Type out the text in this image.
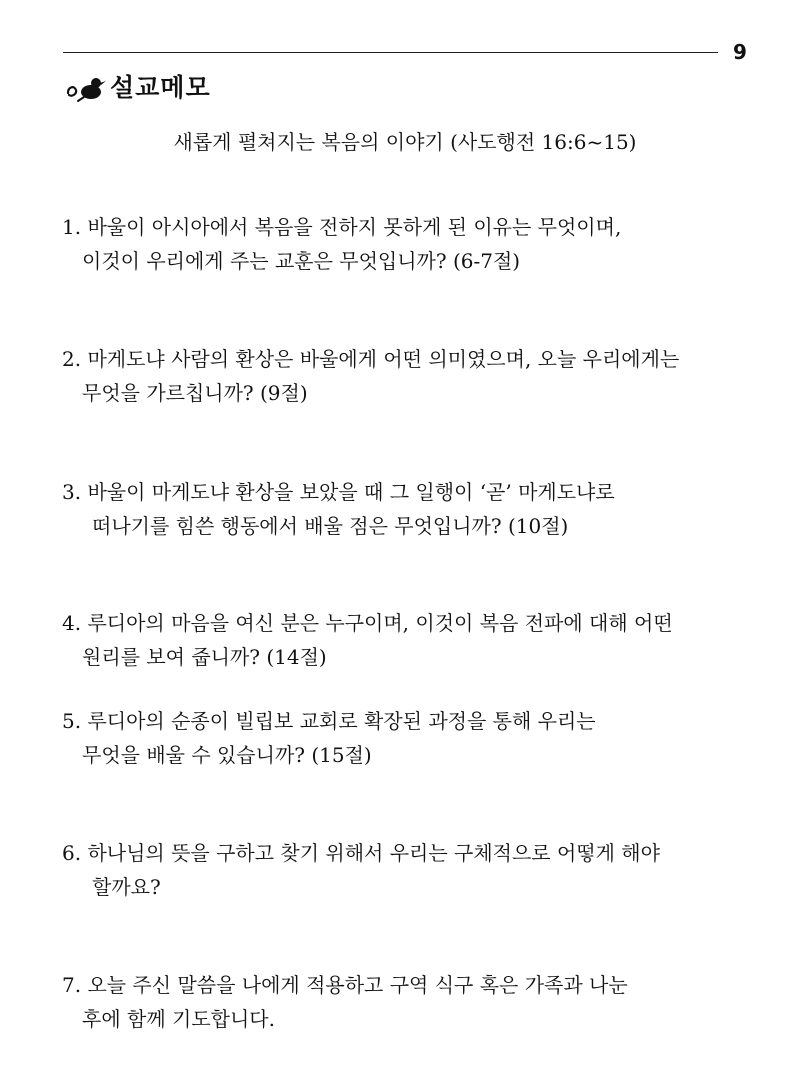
9
설교메모
새롭게 펼쳐지는 복음의 이야기 (사도행전 16:6~15)
1. 바울이 아시아에서 복음을 전하지 못하게 된 이유는 무엇이며,
이것이 우리에게 주는 교훈은 무엇입니까? (6-7절)
2. 마게도냐 사람의 환상은 바울에게 어떤 의미였으며, 오늘 우리에게는
무엇을 가르칩니까? (9절)
3. 바울이 마게도냐 환상을 보았을 때 그 일행이 ‘곧’ 마게도냐로
떠나기를 힘쓴 행동에서 배울 점은 무엇입니까? (10절)
4. 루디아의 마음을 여신 분은 누구이며, 이것이 복음 전파에 대해 어떤
원리를 보여 줍니까? (14절)
5. 루디아의 순종이 빌립보 교회로 확장된 과정을 통해 우리는
무엇을 배울 수 있습니까? (15절)
6. 하나님의 뜻을 구하고 찾기 위해서 우리는 구체적으로 어떻게 해야
할까요?
7. 오늘 주신 말씀을 나에게 적용하고 구역 식구 혹은 가족과 나눈
후에 함께 기도합니다.
